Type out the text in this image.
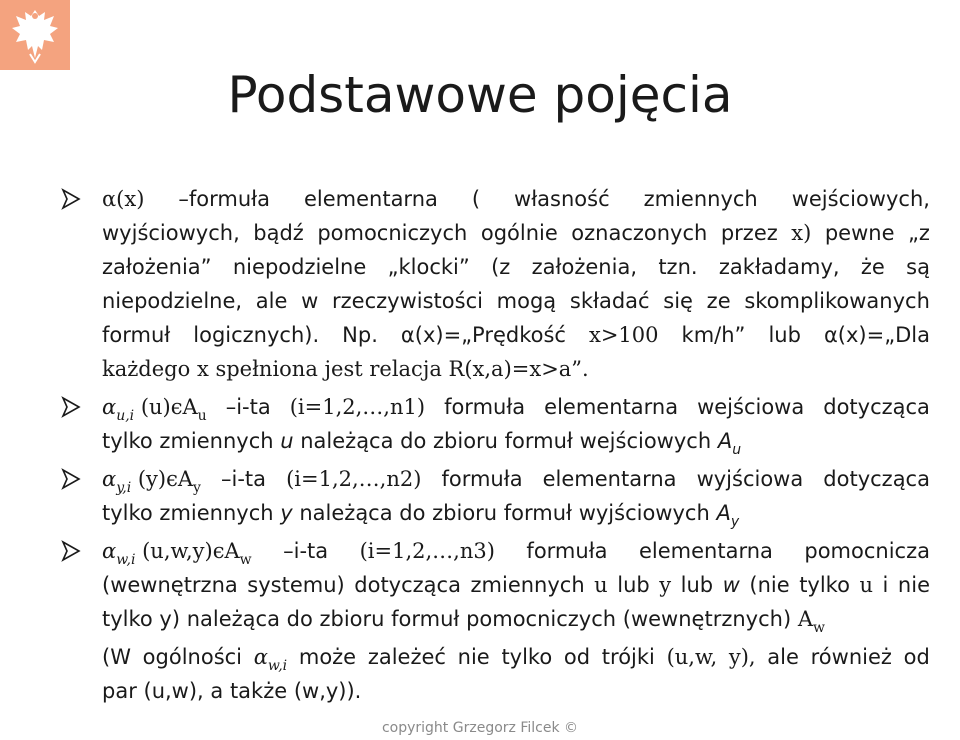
Podstawowe pojęcia
α(x) –formuła elementarna ( własność zmiennych wejściowych,
wyjściowych, bądź pomocniczych ogólnie oznaczonych przez x) pewne „z
założenia” niepodzielne „klocki” (z założenia, tzn. zakładamy, że są
niepodzielne, ale w rzeczywistości mogą składać się ze skomplikowanych
formuł logicznych). Np. α(x)=„Prędkość x>100 km/h” lub α(x)=„Dla
każdego x spełniona jest relacja R(x,a)=x>a”.
$\alpha_{u,i}$ $(u)\epsilon A_u$ –i-ta (i=1,2,…,n1) formuła elementarna wejściowa dotycząca
tylko zmiennych u należąca do zbioru formuł wejściowych $A_u$
$\alpha_{y,i}$ $(y)\epsilon A_y$ –i-ta (i=1,2,…,n2) formuła elementarna wyjściowa dotycząca
tylko zmiennych y należąca do zbioru formuł wyjściowych $A_y$
$\alpha_{w,i}$ $(u,w,y)\epsilon A_w$ –i-ta (i=1,2,…,n3) formuła elementarna pomocnicza
(wewnętrzna systemu) dotycząca zmiennych u lub y lub w (nie tylko u i nie
tylko y) należąca do zbioru formuł pomocniczych (wewnętrznych) $A_w$
(W ogólności $\alpha_{w,i}$ może zależeć nie tylko od trójki (u,w, y), ale również od
par (u,w), a także (w,y)).
copyright Grzegorz Filcek ©
